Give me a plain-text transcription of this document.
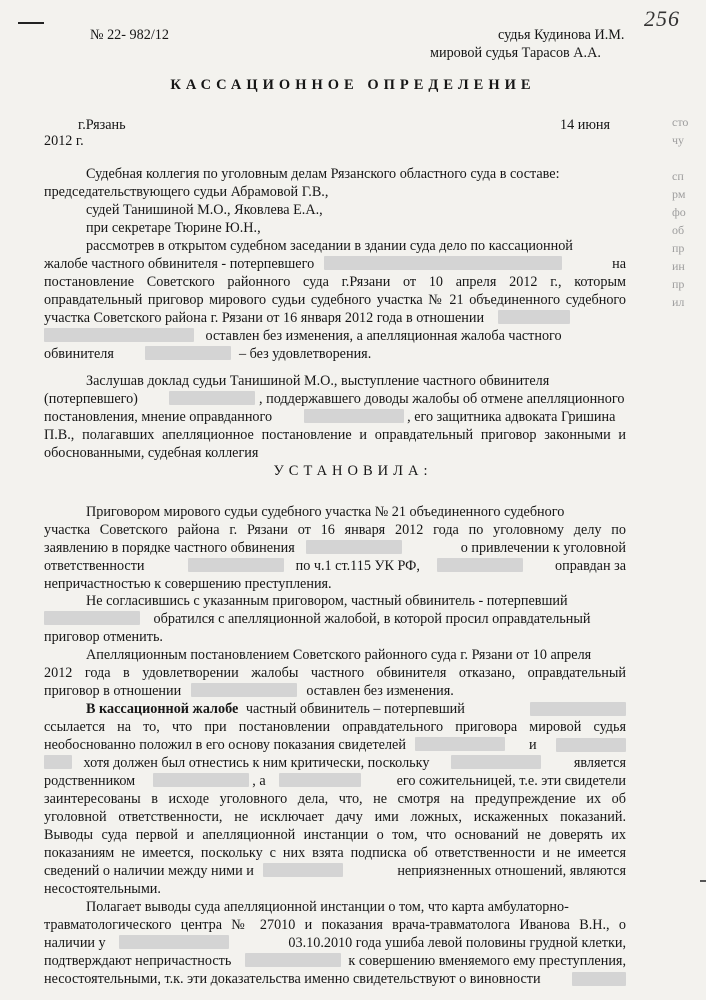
сто
чу

сп
рм
фо
об
пр
ин
пр
ил
256
№ 22- 982/12	судья Кудинова И.М.
мировой судья Тарасов А.А.
КАССАЦИОННОЕ ОПРЕДЕЛЕНИЕ
г.Рязань	14 июня
2012 г.
Судебная коллегия по уголовным делам Рязанского областного суда в составе:
председательствующего судьи Абрамовой Г.В.,
судей Танишиной М.О., Яковлева Е.А.,
при секретаре Тюрине Ю.Н.,
рассмотрев в открытом судебном заседании в здании суда дело по кассационной
жалобе частного обвинителя - потерпевшего	на
постановление Советского районного суда г.Рязани от 10 апреля 2012 г., которым
оправдательный приговор мирового судьи судебного участка № 21 объединенного судебного
участка Советского района г. Рязани от 16 января 2012 года в отношении
оставлен без изменения, а апелляционная жалоба частного
обвинителя	– без удовлетворения.
Заслушав доклад судьи Танишиной М.О., выступление частного обвинителя
(потерпевшего)	, поддержавшего доводы жалобы об отмене апелляционного
постановления, мнение оправданного	, его защитника адвоката Гришина
П.В., полагавших апелляционное постановление и оправдательный приговор законными и
обоснованными, судебная коллегия
УСТАНОВИЛА:
Приговором мирового судьи судебного участка № 21 объединенного судебного
участка Советского района г. Рязани от 16 января 2012 года по уголовному делу по
заявлению в порядке частного обвинения	о привлечении к уголовной
ответственности	по ч.1 ст.115 УК РФ,	оправдан за
непричастностью к совершению преступления.
Не согласившись с указанным приговором, частный обвинитель - потерпевший
обратился с апелляционной жалобой, в которой просил оправдательный
приговор отменить.
Апелляционным постановлением Советского районного суда г. Рязани от 10 апреля
2012 года в удовлетворении жалобы частного обвинителя отказано, оправдательный
приговор в отношении	оставлен без изменения.
В кассационной жалобе частный обвинитель – потерпевший
ссылается на то, что при постановлении оправдательного приговора мировой судья
необоснованно положил в его основу показания свидетелей	и
хотя должен был отнестись к ним критически, поскольку	является
родственником	, а	его сожительницей, т.е. эти свидетели
заинтересованы в исходе уголовного дела, что, не смотря на предупреждение их об
уголовной ответственности, не исключает дачу ими ложных, искаженных показаний.
Выводы суда первой и апелляционной инстанции о том, что оснований не доверять их
показаниям не имеется, поскольку с них взята подписка об ответственности и не имеется
сведений о наличии между ними и	неприязненных отношений, являются
несостоятельными.
Полагает выводы суда апелляционной инстанции о том, что карта амбулаторно-
травматологического центра № 27010 и показания врача-травматолога Иванова В.Н., о
наличии у	03.10.2010 года ушиба левой половины грудной клетки,
подтверждают непричастность	к совершению вменяемого ему преступления,
несостоятельными, т.к. эти доказательства именно свидетельствуют о виновности
